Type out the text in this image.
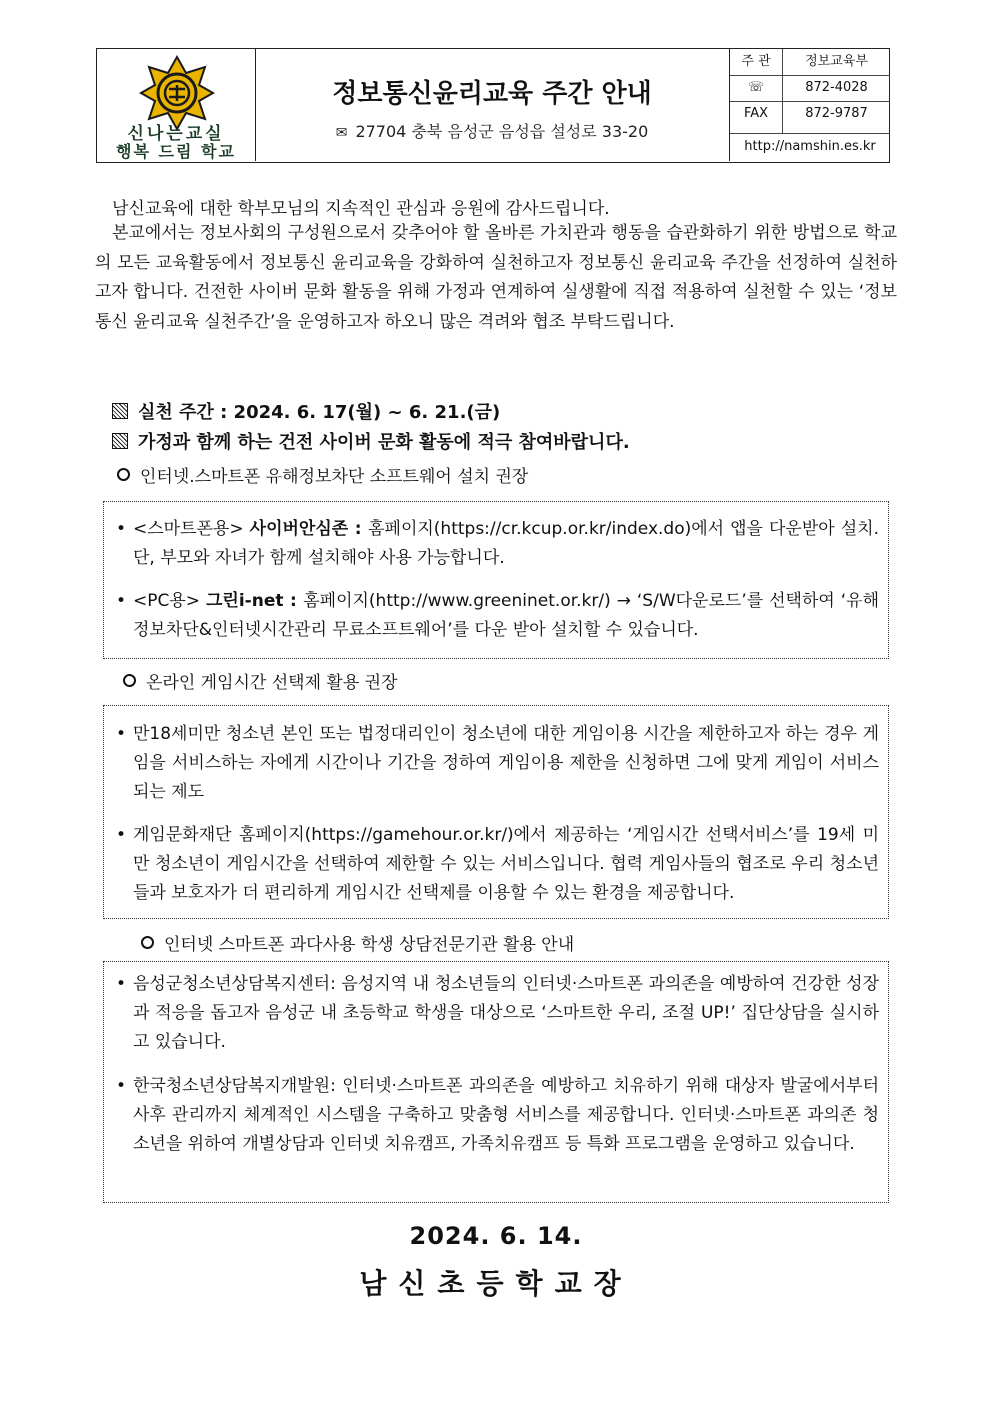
신나는교실
행복 드림 학교
정보통신윤리교육 주간 안내
✉ 27704 충북 음성군 음성읍 설성로 33-20
주 관	정보교육부
☏	872-4028
FAX	872-9787
http://namshin.es.kr
남신교육에 대한 학부모님의 지속적인 관심과 응원에 감사드립니다.
본교에서는 정보사회의 구성원으로서 갖추어야 할 올바른 가치관과 행동을 습관화하기 위한 방법으로 학교의 모든 교육활동에서 정보통신 윤리교육을 강화하여 실천하고자 정보통신 윤리교육 주간을 선정하여 실천하고자 합니다. 건전한 사이버 문화 활동을 위해 가정과 연계하여 실생활에 직접 적용하여 실천할 수 있는 ‘정보통신 윤리교육 실천주간’을 운영하고자 하오니 많은 격려와 협조 부탁드립니다.
실천 주간 : 2024. 6. 17(월) ~ 6. 21.(금)
가정과 함께 하는 건전 사이버 문화 활동에 적극 참여바랍니다.
인터넷.스마트폰 유해정보차단 소프트웨어 설치 권장
• <스마트폰용> 사이버안심존 : 홈페이지(https://cr.kcup.or.kr/index.do)에서 앱을 다운받아 설치. 단, 부모와 자녀가 함께 설치해야 사용 가능합니다.
• <PC용> 그린i-net : 홈페이지(http://www.greeninet.or.kr/) → ‘S/W다운로드’를 선택하여 ‘유해정보차단&인터넷시간관리 무료소프트웨어’를 다운 받아 설치할 수 있습니다.
온라인 게임시간 선택제 활용 권장
• 만18세미만 청소년 본인 또는 법정대리인이 청소년에 대한 게임이용 시간을 제한하고자 하는 경우 게임을 서비스하는 자에게 시간이나 기간을 정하여 게임이용 제한을 신청하면 그에 맞게 게임이 서비스 되는 제도
• 게임문화재단 홈페이지(https://gamehour.or.kr/)에서 제공하는 ‘게임시간 선택서비스’를 19세 미만 청소년이 게임시간을 선택하여 제한할 수 있는 서비스입니다. 협력 게임사들의 협조로 우리 청소년들과 보호자가 더 편리하게 게임시간 선택제를 이용할 수 있는 환경을 제공합니다.
인터넷 스마트폰 과다사용 학생 상담전문기관 활용 안내
• 음성군청소년상담복지센터: 음성지역 내 청소년들의 인터넷·스마트폰 과의존을 예방하여 건강한 성장과 적응을 돕고자 음성군 내 초등학교 학생을 대상으로 ‘스마트한 우리, 조절 UP!’ 집단상담을 실시하고 있습니다.
• 한국청소년상담복지개발원: 인터넷·스마트폰 과의존을 예방하고 치유하기 위해 대상자 발굴에서부터 사후 관리까지 체계적인 시스템을 구축하고 맞춤형 서비스를 제공합니다. 인터넷·스마트폰 과의존 청소년을 위하여 개별상담과 인터넷 치유캠프, 가족치유캠프 등 특화 프로그램을 운영하고 있습니다.
2024. 6. 14.
남신초등학교장
